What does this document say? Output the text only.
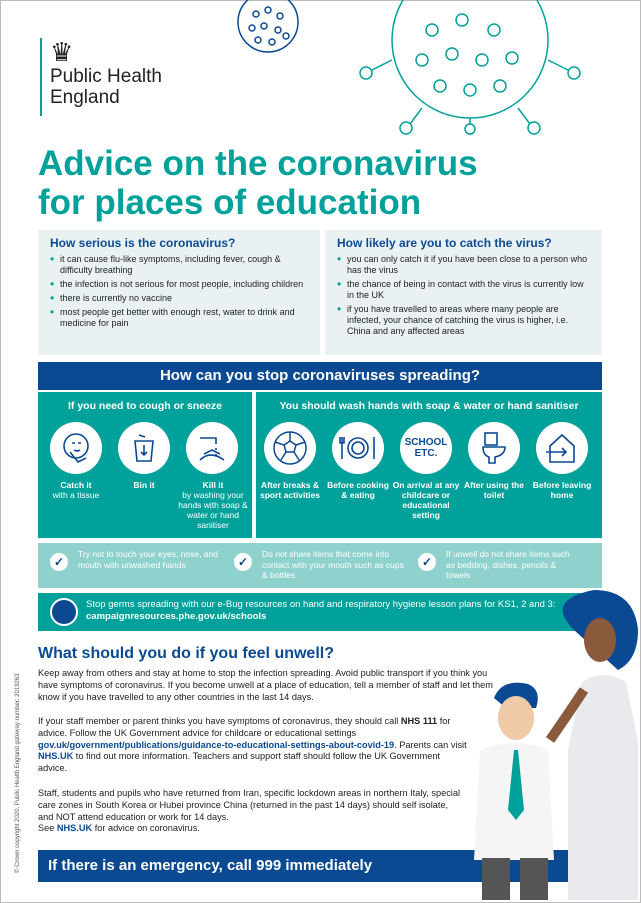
♛
Public Health
England
Advice on the coronavirus
for places of education
How serious is the coronavirus?
• it can cause flu-like symptoms, including fever, cough & difficulty breathing
• the infection is not serious for most people, including children
• there is currently no vaccine
• most people get better with enough rest, water to drink and medicine for pain
How likely are you to catch the virus?
• you can only catch it if you have been close to a person who has the virus
• the chance of being in contact with the virus is currently low in the UK
• if you have travelled to areas where many people are infected, your chance of catching the virus is higher, i.e. China and any affected areas
How can you stop coronaviruses spreading?
If you need to cough or sneeze
Catch it
with a tissue
Bin it	Kill it
by washing your hands with soap & water or hand sanitiser
You should wash hands with soap & water or hand sanitiser
SCHOOL
ETC.
After breaks & sport activities
Before cooking & eating
On arrival at any childcare or educational setting
After using the toilet
Before leaving home
✓
Try not to touch your eyes, nose, and mouth with unwashed hands	✓
Do not share items that come into contact with your mouth such as cups & bottles
✓
If unwell do not share items such as bedding, dishes, pencils & towels
Stop germs spreading with our e-Bug resources on hand and respiratory hygiene lesson plans for KS1, 2 and 3: campaignresources.phe.gov.uk/schools
What should you do if you feel unwell?
Keep away from others and stay at home to stop the infection spreading. Avoid public transport if you think you have symptoms of coronavirus. If you become unwell at a place of education, tell a member of staff and let them know if you have travelled to any other countries in the last 14 days.
If your staff member or parent thinks you have symptoms of coronavirus, they should call NHS 111 for advice. Follow the UK Government advice for childcare or educational settings gov.uk/government/publications/guidance-to-educational-settings-about-covid-19. Parents can visit NHS.UK to find out more information. Teachers and support staff should follow the UK Government advice.
Staff, students and pupils who have returned from Iran, specific lockdown areas in northern Italy, special care zones in South Korea or Hubei province China (returned in the past 14 days) should self isolate, and NOT attend education or work for 14 days.
See NHS.UK for advice on coronavirus.
If there is an emergency, call 999 immediately
© Crown copyright 2020. Public Health England gateway number: 2019263
